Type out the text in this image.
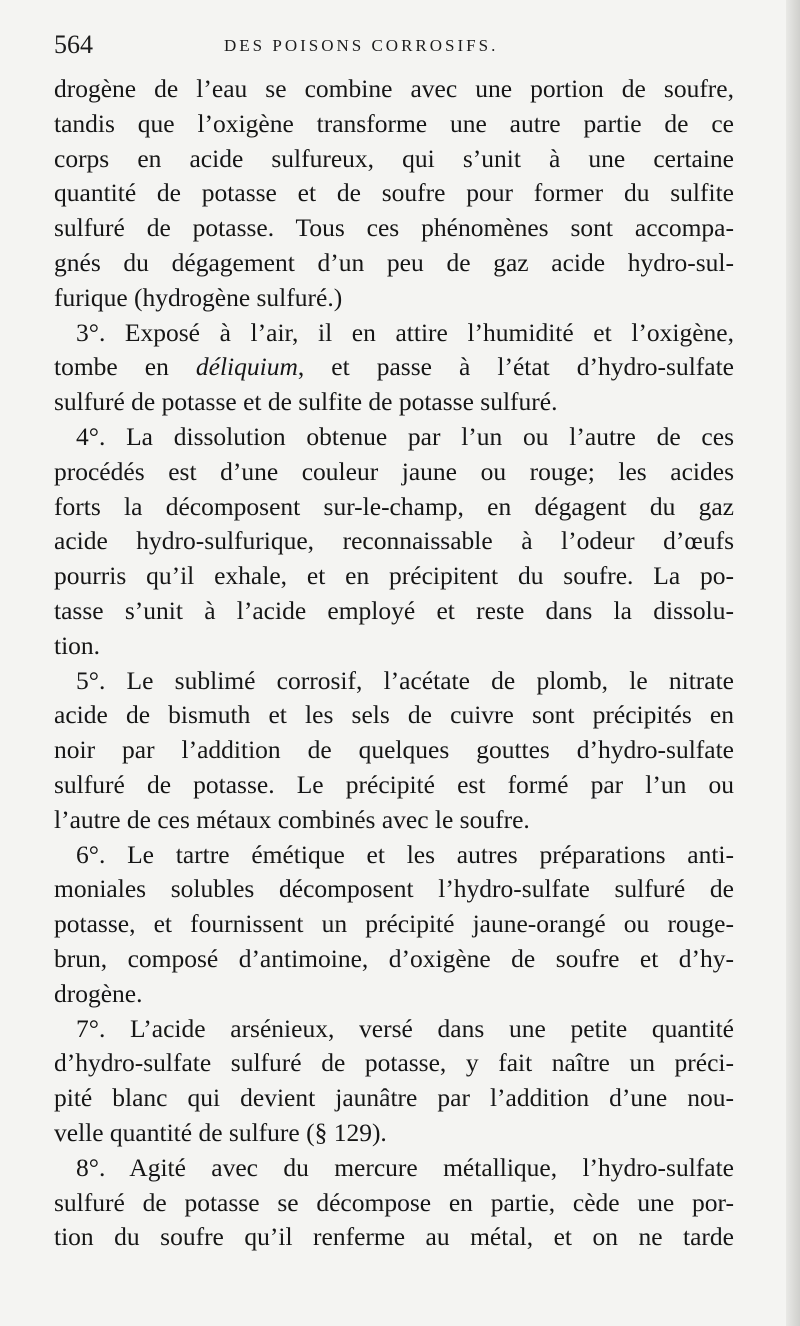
564	DES POISONS CORROSIFS.
drogène de l’eau se combine avec une portion de soufre,
tandis que l’oxigène transforme une autre partie de ce
corps en acide sulfureux, qui s’unit à une certaine
quantité de potasse et de soufre pour former du sulfite
sulfuré de potasse. Tous ces phénomènes sont accompa-
gnés du dégagement d’un peu de gaz acide hydro-sul-
furique (hydrogène sulfuré.)
3°. Exposé à l’air, il en attire l’humidité et l’oxigène,
tombe en déliquium, et passe à l’état d’hydro-sulfate
sulfuré de potasse et de sulfite de potasse sulfuré.
4°. La dissolution obtenue par l’un ou l’autre de ces
procédés est d’une couleur jaune ou rouge; les acides
forts la décomposent sur-le-champ, en dégagent du gaz
acide hydro-sulfurique, reconnaissable à l’odeur d’œufs
pourris qu’il exhale, et en précipitent du soufre. La po-
tasse s’unit à l’acide employé et reste dans la dissolu-
tion.
5°. Le sublimé corrosif, l’acétate de plomb, le nitrate
acide de bismuth et les sels de cuivre sont précipités en
noir par l’addition de quelques gouttes d’hydro-sulfate
sulfuré de potasse. Le précipité est formé par l’un ou
l’autre de ces métaux combinés avec le soufre.
6°. Le tartre émétique et les autres préparations anti-
moniales solubles décomposent l’hydro-sulfate sulfuré de
potasse, et fournissent un précipité jaune-orangé ou rouge-
brun, composé d’antimoine, d’oxigène de soufre et d’hy-
drogène.
7°. L’acide arsénieux, versé dans une petite quantité
d’hydro-sulfate sulfuré de potasse, y fait naître un préci-
pité blanc qui devient jaunâtre par l’addition d’une nou-
velle quantité de sulfure (§ 129).
8°. Agité avec du mercure métallique, l’hydro-sulfate
sulfuré de potasse se décompose en partie, cède une por-
tion du soufre qu’il renferme au métal, et on ne tarde
